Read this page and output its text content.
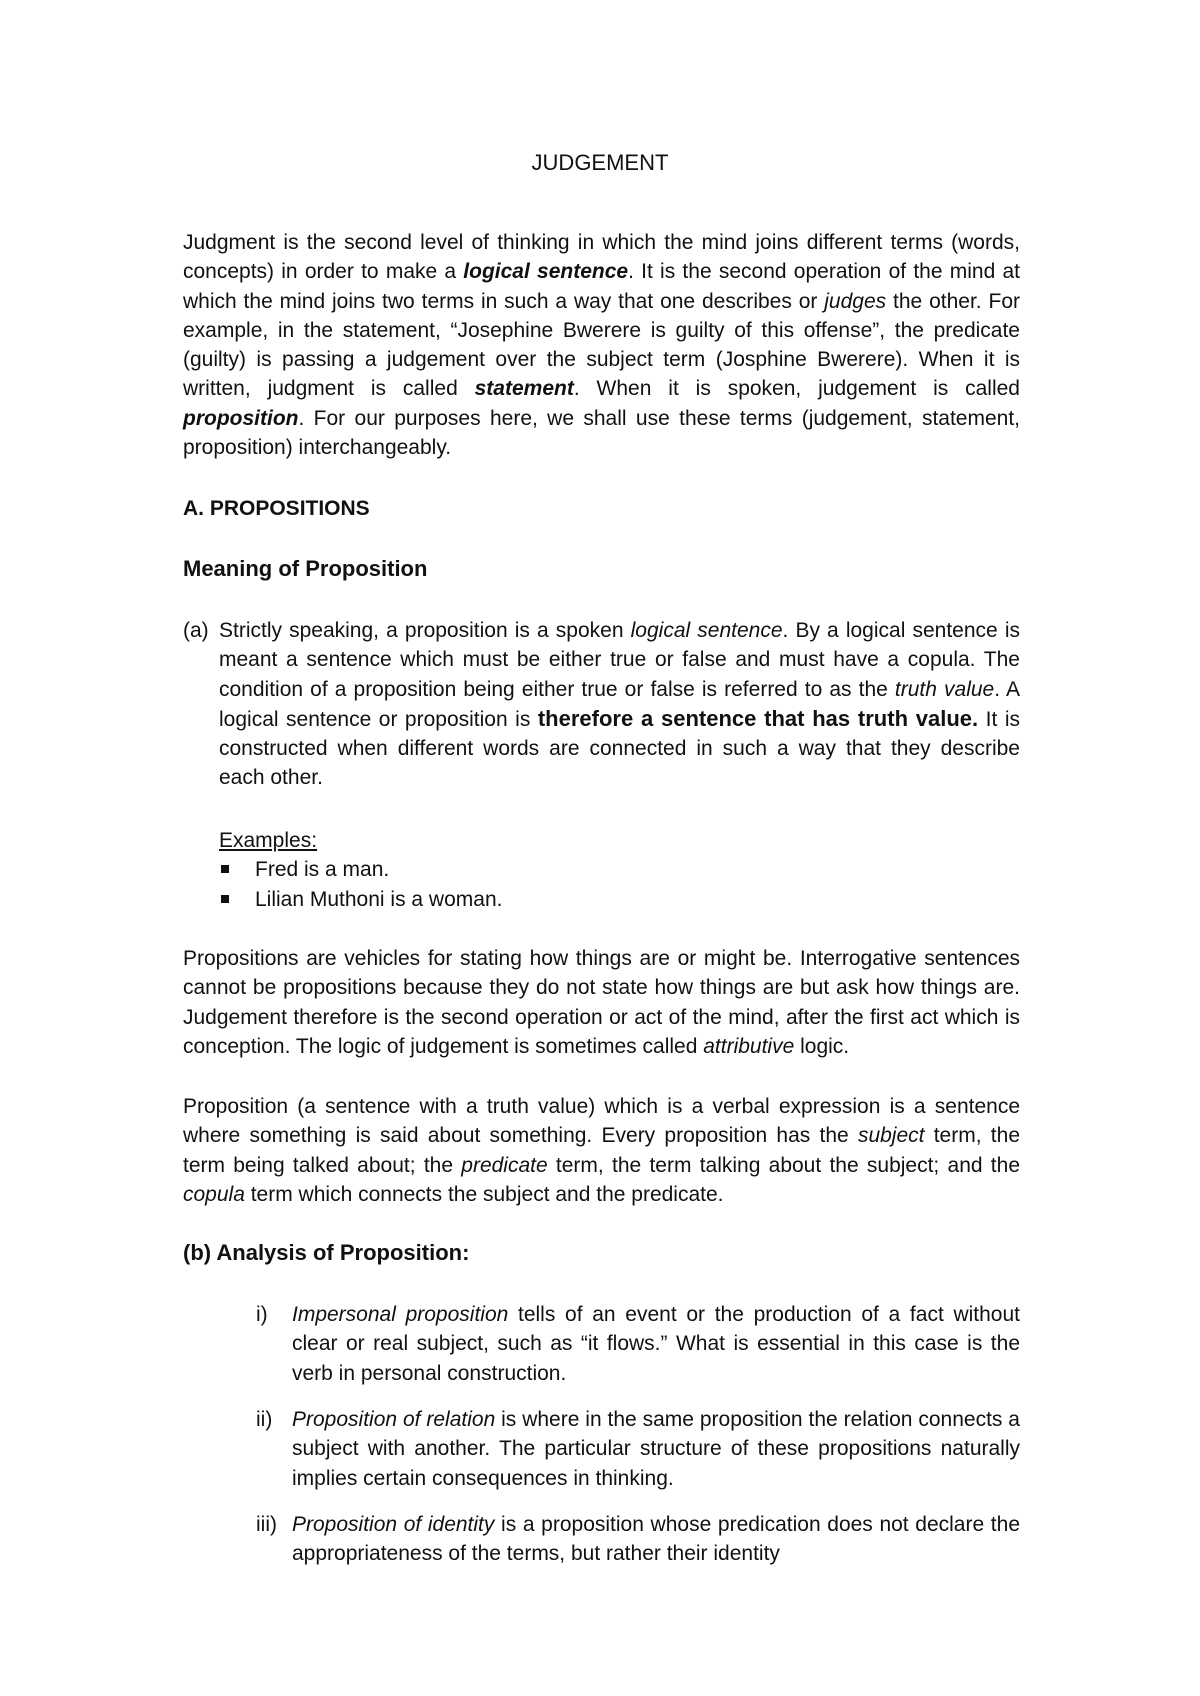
JUDGEMENT

Judgment is the second level of thinking in which the mind joins different terms (words, concepts) in order to make a logical sentence. It is the second operation of the mind at which the mind joins two terms in such a way that one describes or judges the other. For example, in the statement, “Josephine Bwerere is guilty of this offense”, the predicate (guilty) is passing a judgement over the subject term (Josphine Bwerere). When it is written, judgment is called statement. When it is spoken, judgement is called proposition. For our purposes here, we shall use these terms (judgement, statement, proposition) interchangeably.

A. PROPOSITIONS
Meaning of Proposition
(a) Strictly speaking, a proposition is a spoken logical sentence. By a logical sentence is meant a sentence which must be either true or false and must have a copula. The condition of a proposition being either true or false is referred to as the truth value. A logical sentence or proposition is therefore a sentence that has truth value. It is constructed when different words are connected in such a way that they describe each other.

Examples:
Fred is a man.
Lilian Muthoni is a woman.

Propositions are vehicles for stating how things are or might be. Interrogative sentences cannot be propositions because they do not state how things are but ask how things are. Judgement therefore is the second operation or act of the mind, after the first act which is conception. The logic of judgement is sometimes called attributive logic.

Proposition (a sentence with a truth value) which is a verbal expression is a sentence where something is said about something. Every proposition has the subject term, the term being talked about; the predicate term, the term talking about the subject; and the copula term which connects the subject and the predicate.

(b) Analysis of Proposition:
i) Impersonal proposition tells of an event or the production of a fact without clear or real subject, such as “it flows.” What is essential in this case is the verb in personal construction.

ii) Proposition of relation is where in the same proposition the relation connects a subject with another. The particular structure of these propositions naturally implies certain consequences in thinking.

iii) Proposition of identity is a proposition whose predication does not declare the appropriateness of the terms, but rather their identity
